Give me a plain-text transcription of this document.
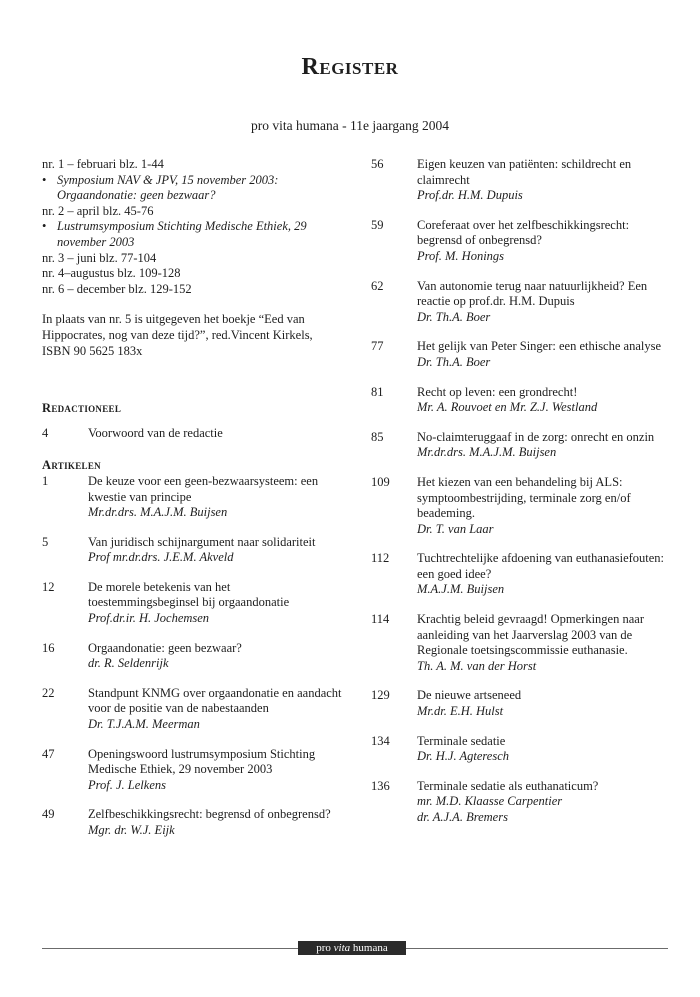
Register
pro vita humana - 11e jaargang 2004
nr. 1 – februari blz. 1-44
• Symposium NAV & JPV, 15 november 2003: Orgaandonatie: geen bezwaar?
nr. 2 – april blz. 45-76
• Lustrumsymposium Stichting Medische Ethiek, 29 november 2003
nr. 3 – juni blz. 77-104
nr. 4–augustus blz. 109-128
nr. 6 – december blz. 129-152
In plaats van nr. 5 is uitgegeven het boekje “Eed van Hippocrates, nog van deze tijd?”, red.Vincent Kirkels, ISBN 90 5625 183x
Redactioneel
4	Voorwoord van de redactie
Artikelen
1	De keuze voor een geen-bezwaarsysteem: een kwestie van principe
Mr.dr.drs. M.A.J.M. Buijsen
5	Van juridisch schijnargument naar solidariteit
Prof mr.dr.drs. J.E.M. Akveld
12	De morele betekenis van het toestemmingsbeginsel bij orgaandonatie
Prof.dr.ir. H. Jochemsen
16	Orgaandonatie: geen bezwaar?
dr. R. Seldenrijk
22	Standpunt KNMG over orgaandonatie en aandacht voor de positie van de nabestaanden
Dr. T.J.A.M. Meerman
47	Openingswoord lustrumsymposium Stichting Medische Ethiek, 29 november 2003
Prof. J. Lelkens
49	Zelfbeschikkingsrecht: begrensd of onbegrensd?
Mgr. dr. W.J. Eijk
56	Eigen keuzen van patiënten: schildrecht en claimrecht
Prof.dr. H.M. Dupuis
59	Coreferaat over het zelfbeschikkingsrecht: begrensd of onbegrensd?
Prof. M. Honings
62	Van autonomie terug naar natuurlijkheid? Een reactie op prof.dr. H.M. Dupuis
Dr. Th.A. Boer
77	Het gelijk van Peter Singer: een ethische analyse
Dr. Th.A. Boer
81	Recht op leven: een grondrecht!
Mr. A. Rouvoet en Mr. Z.J. Westland
85	No-claimteruggaaf in de zorg: onrecht en onzin
Mr.dr.drs. M.A.J.M. Buijsen
109	Het kiezen van een behandeling bij ALS: symptoombestrijding, terminale zorg en/of beademing.
Dr. T. van Laar
112	Tuchtrechtelijke afdoening van euthanasiefouten: een goed idee?
M.A.J.M. Buijsen
114	Krachtig beleid gevraagd! Opmerkingen naar aanleiding van het Jaarverslag 2003 van de Regionale toetsingscommissie euthanasie.
Th. A. M. van der Horst
129	De nieuwe artseneed
Mr.dr. E.H. Hulst
134	Terminale sedatie
Dr. H.J. Agteresch
136	Terminale sedatie als euthanaticum?
mr. M.D. Klaasse Carpentier
dr. A.J.A. Bremers
pro vita humana
